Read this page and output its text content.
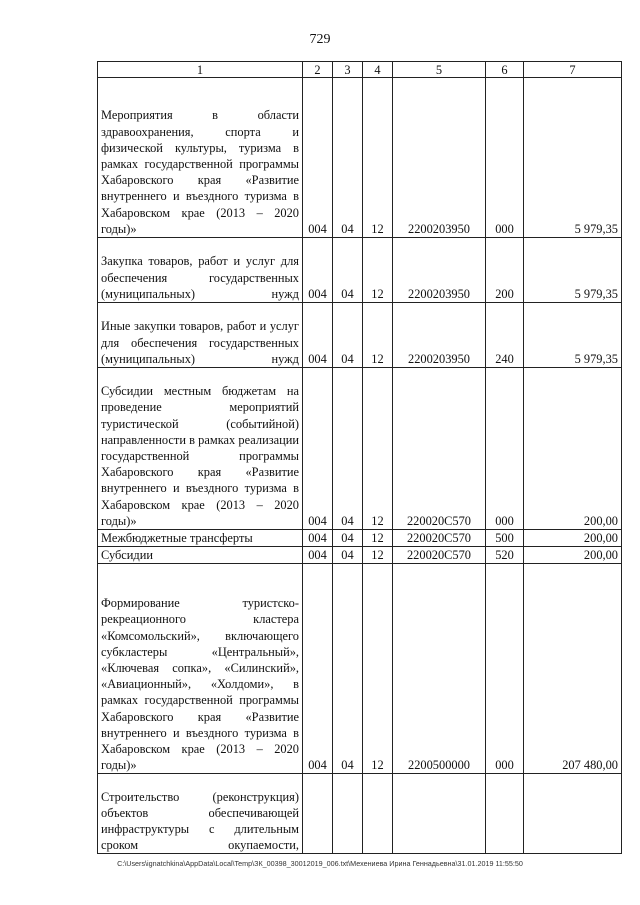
729
1	2	3	4	5	6	7
Мероприятия в области здравоохранения, спорта и физической культуры, туризма в рамках государственной программы Хабаровского края «Развитие внутреннего и въездного туризма в Хабаровском крае (2013 – 2020 годы)»	004	04	12	2200203950	000	5 979,35
Закупка товаров, работ и услуг для обеспечения государственных (муниципальных) нужд	004	04	12	2200203950	200	5 979,35
Иные закупки товаров, работ и услуг для обеспечения государственных (муниципальных) нужд	004	04	12	2200203950	240	5 979,35
Субсидии местным бюджетам на проведение мероприятий туристической (событийной) направленности в рамках реализации государственной программы Хабаровского края «Развитие внутреннего и въездного туризма в Хабаровском крае (2013 – 2020 годы)»	004	04	12	220020С570	000	200,00
Межбюджетные трансферты	004	04	12	220020С570	500	200,00
Субсидии	004	04	12	220020С570	520	200,00
Формирование туристско-рекреационного кластера «Комсомольский», включающего субкластеры «Центральный», «Ключевая сопка», «Силинский», «Авиационный», «Холдоми», в рамках государственной программы Хабаровского края «Развитие внутреннего и въездного туризма в Хабаровском крае (2013 – 2020 годы)»	004	04	12	2200500000	000	207 480,00
Строительство (реконструкция) объектов обеспечивающей инфраструктуры с длительным сроком окупаемости,						
C:\Users\ignatchkina\AppData\Local\Temp\ЗК_00398_30012019_006.txt\Мехениева Ирина Геннадьевна\31.01.2019 11:55:50
